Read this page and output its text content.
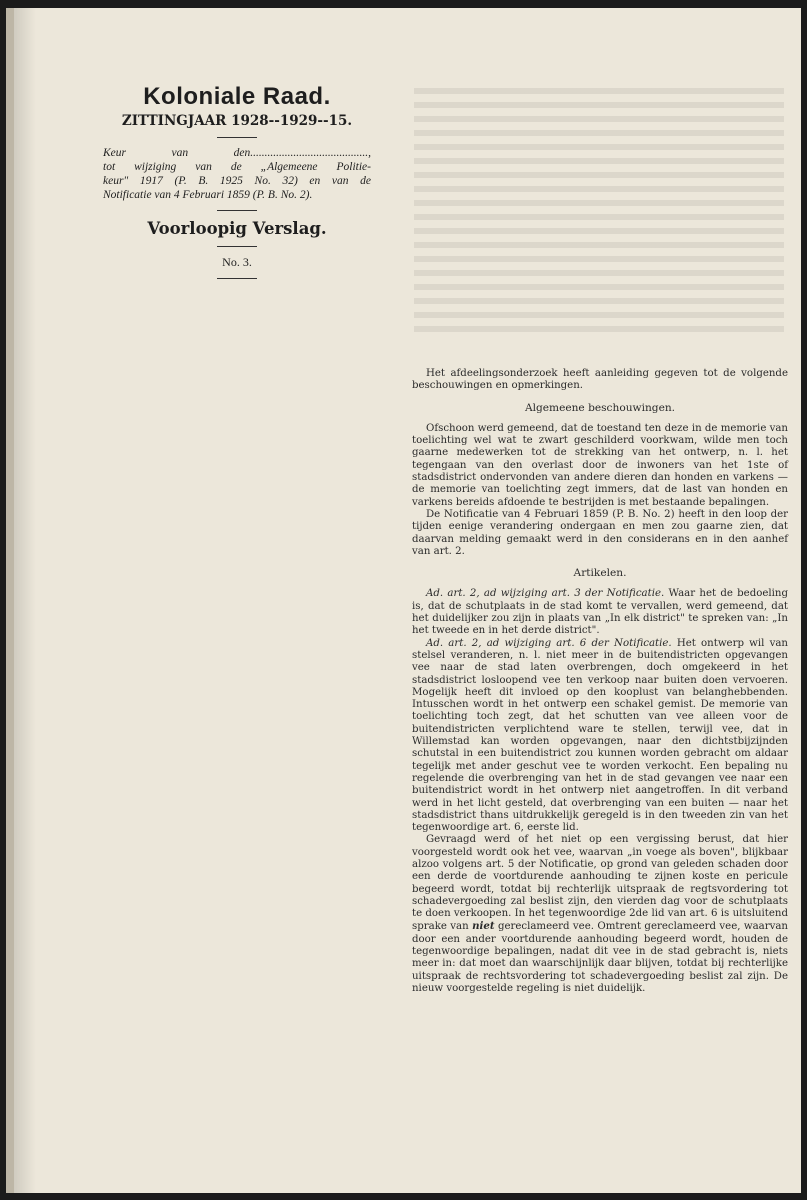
Koloniale Raad.
ZITTINGJAAR 1928--1929--15.
Keur van den.........................................,
tot wijziging van de „Algemeene Politie-
keur" 1917 (P. B. 1925 No. 32) en van de
Notificatie van 4 Februari 1859 (P. B. No. 2).
Voorloopig Verslag.
No. 3.

Het afdeelingsonderzoek heeft aanleiding gegeven tot de volgende beschouwingen en opmerkingen.

Algemeene beschouwingen.

Ofschoon werd gemeend, dat de toestand ten deze in de memorie van toelichting wel wat te zwart geschilderd voorkwam, wilde men toch gaarne medewerken tot de strekking van het ontwerp, n. l. het tegengaan van den overlast door de inwoners van het 1ste of stadsdistrict ondervonden van andere dieren dan honden en varkens — de memorie van toelichting zegt immers, dat de last van honden en varkens bereids afdoende te bestrijden is met bestaande bepalingen.

De Notificatie van 4 Februari 1859 (P. B. No. 2) heeft in den loop der tijden eenige verandering ondergaan en men zou gaarne zien, dat daarvan melding gemaakt werd in den considerans en in den aanhef van art. 2.

Artikelen.

Ad. art. 2, ad wijziging art. 3 der Notificatie. Waar het de bedoeling is, dat de schutplaats in de stad komt te vervallen, werd gemeend, dat het duidelijker zou zijn in plaats van „In elk district" te spreken van: „In het tweede en in het derde district".

Ad. art. 2, ad wijziging art. 6 der Notificatie. Het ontwerp wil van stelsel veranderen, n. l. niet meer in de buitendistricten opgevangen vee naar de stad laten overbrengen, doch omgekeerd in het stadsdistrict losloopend vee ten verkoop naar buiten doen vervoeren. Mogelijk heeft dit invloed op den kooplust van belanghebbenden. Intusschen wordt in het ontwerp een schakel gemist. De memorie van toelichting toch zegt, dat het schutten van vee alleen voor de buitendistricten verplichtend ware te stellen, terwijl vee, dat in Willemstad kan worden opgevangen, naar den dichtstbijzijnden schutstal in een buitendistrict zou kunnen worden gebracht om aldaar tegelijk met ander geschut vee te worden verkocht. Een bepaling nu regelende die overbrenging van het in de stad gevangen vee naar een buitendistrict wordt in het ontwerp niet aangetroffen. In dit verband werd in het licht gesteld, dat overbrenging van een buiten — naar het stadsdistrict thans uitdrukkelijk geregeld is in den tweeden zin van het tegenwoordige art. 6, eerste lid.

Gevraagd werd of het niet op een vergissing berust, dat hier voorgesteld wordt ook het vee, waarvan „in voege als boven", blijkbaar alzoo volgens art. 5 der Notificatie, op grond van geleden schaden door een derde de voortdurende aanhouding te zijnen koste en pericule begeerd wordt, totdat bij rechterlijk uitspraak de regtsvordering tot schadevergoeding zal beslist zijn, den vierden dag voor de schutplaats te doen verkoopen. In het tegenwoordige 2de lid van art. 6 is uitsluitend sprake van niet gereclameerd vee. Omtrent gereclameerd vee, waarvan door een ander voortdurende aanhouding begeerd wordt, houden de tegenwoordige bepalingen, nadat dit vee in de stad gebracht is, niets meer in: dat moet dan waarschijnlijk daar blijven, totdat bij rechterlijke uitspraak de rechtsvordering tot schadevergoeding beslist zal zijn. De nieuw voorgestelde regeling is niet duidelijk.
